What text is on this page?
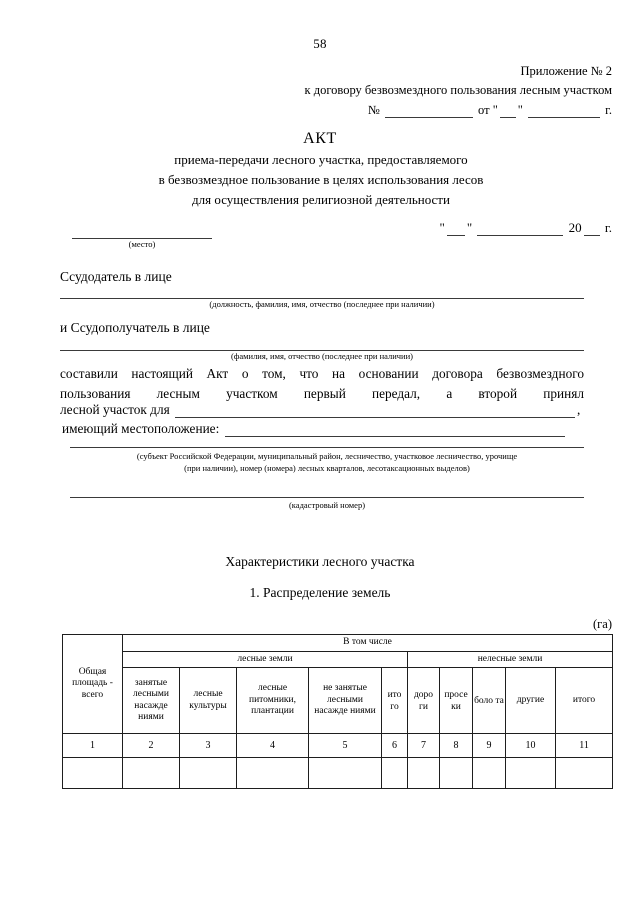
58
Приложение № 2
к договору безвозмездного пользования лесным участком
№	от " "	г.
АКТ
приема-передачи лесного участка, предоставляемого
в безвозмездное пользование в целях использования лесов
для осуществления религиозной деятельности
" "	20 г.
(место)
Ссудодатель в лице
(должность, фамилия, имя, отчество (последнее при наличии)
и Ссудополучатель в лице
(фамилия, имя, отчество (последнее при наличии)
составили настоящий Акт о том, что на основании договора безвозмездного
пользования лесным участком первый передал, а второй принял
лесной участок для	,
имеющий местоположение:
(субъект Российской Федерации, муниципальный район, лесничество, участковое лесничество, урочище
(при наличии), номер (номера) лесных кварталов, лесотаксационных выделов)
(кадастровый номер)
Характеристики лесного участка
1. Распределение земель
(га)
Общая площадь - всего	В том числе									
	лесные земли					нелесные земли				
	занятые лесными насажде ниями	лесные культуры	лесные питомники, плантации	не занятые лесными насажде ниями	ито го	доро ги	просе ки	боло та	другие	итого
1	2	3	4	5	6	7	8	9	10	11
